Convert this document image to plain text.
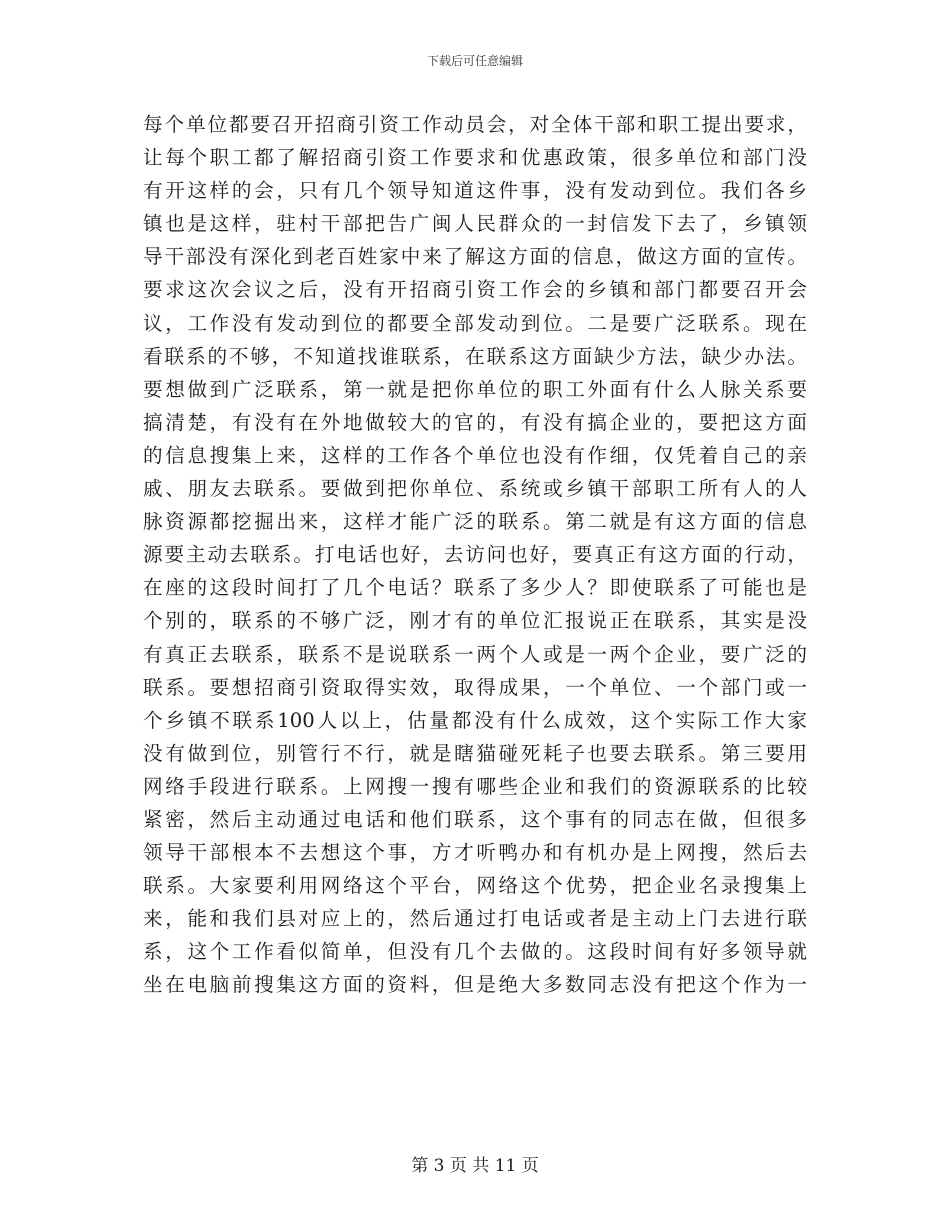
下载后可任意编辑
每个单位都要召开招商引资工作动员会，对全体干部和职工提出要求，
让每个职工都了解招商引资工作要求和优惠政策，很多单位和部门没
有开这样的会，只有几个领导知道这件事，没有发动到位。我们各乡
镇也是这样，驻村干部把告广闽人民群众的一封信发下去了，乡镇领
导干部没有深化到老百姓家中来了解这方面的信息，做这方面的宣传。
要求这次会议之后，没有开招商引资工作会的乡镇和部门都要召开会
议，工作没有发动到位的都要全部发动到位。二是要广泛联系。现在
看联系的不够，不知道找谁联系，在联系这方面缺少方法，缺少办法。
要想做到广泛联系，第一就是把你单位的职工外面有什么人脉关系要
搞清楚，有没有在外地做较大的官的，有没有搞企业的，要把这方面
的信息搜集上来，这样的工作各个单位也没有作细，仅凭着自己的亲
戚、朋友去联系。要做到把你单位、系统或乡镇干部职工所有人的人
脉资源都挖掘出来，这样才能广泛的联系。第二就是有这方面的信息
源要主动去联系。打电话也好，去访问也好，要真正有这方面的行动，
在座的这段时间打了几个电话？联系了多少人？即使联系了可能也是
个别的，联系的不够广泛，刚才有的单位汇报说正在联系，其实是没
有真正去联系，联系不是说联系一两个人或是一两个企业，要广泛的
联系。要想招商引资取得实效，取得成果，一个单位、一个部门或一
个乡镇不联系100人以上，估量都没有什么成效，这个实际工作大家
没有做到位，别管行不行，就是瞎猫碰死耗子也要去联系。第三要用
网络手段进行联系。上网搜一搜有哪些企业和我们的资源联系的比较
紧密，然后主动通过电话和他们联系，这个事有的同志在做，但很多
领导干部根本不去想这个事，方才听鸭办和有机办是上网搜，然后去
联系。大家要利用网络这个平台，网络这个优势，把企业名录搜集上
来，能和我们县对应上的，然后通过打电话或者是主动上门去进行联
系，这个工作看似简单，但没有几个去做的。这段时间有好多领导就
坐在电脑前搜集这方面的资料，但是绝大多数同志没有把这个作为一
第 3 页 共 11 页
